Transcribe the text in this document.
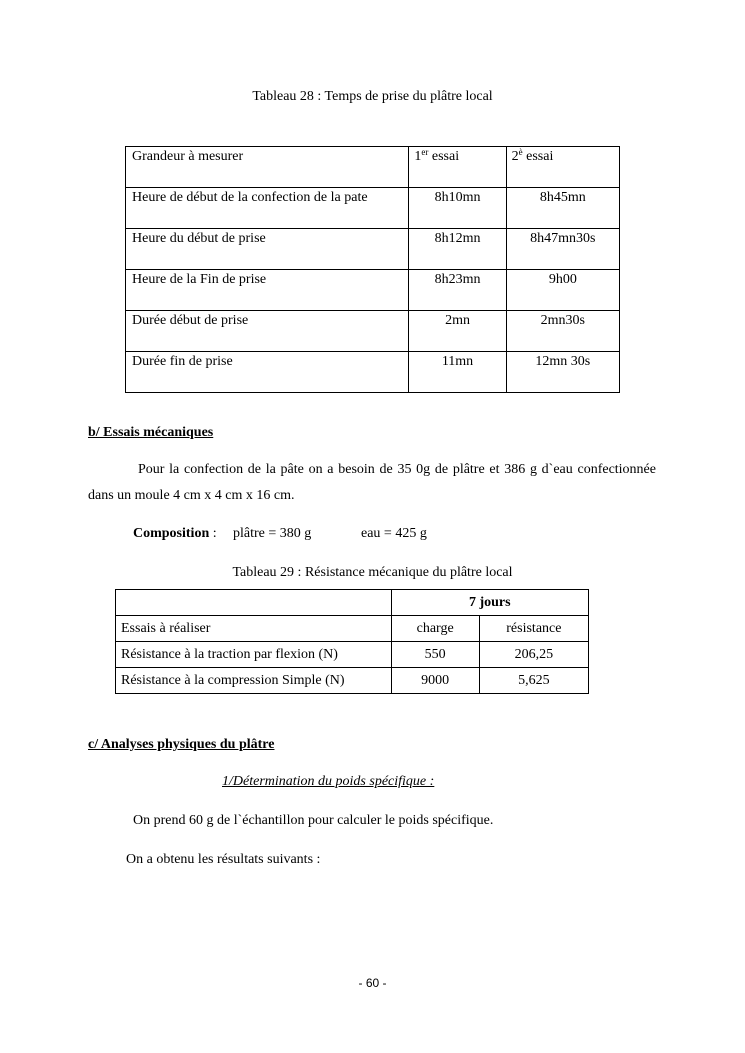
Tableau 28 : Temps de prise du plâtre local
Grandeur à mesurer	1er essai	$2^è$ essai
Heure de début de la confection de la pate	8h10mn	8h45mn
Heure du début de prise	8h12mn	8h47mn30s
Heure de la Fin de prise	8h23mn	9h00
Durée début de prise	2mn	2mn30s
Durée fin de prise	11mn	12mn 30s
b/ Essais mécaniques
Pour la confection de la pâte on a besoin de 35 0g de plâtre et 386 g d`eau confectionnée dans un moule 4 cm x 4 cm x 16 cm.
Composition : plâtre = 380 g	eau = 425 g
Tableau 29 : Résistance mécanique du plâtre local
	7 jours	
Essais à réaliser	charge	résistance
Résistance à la traction par flexion (N)	550	206,25
Résistance à la compression Simple (N)	9000	5,625
c/ Analyses physiques du plâtre
1/Détermination du poids spécifique :
On prend 60 g de l`échantillon pour calculer le poids spécifique.
On a obtenu les résultats suivants :
- 60 -
